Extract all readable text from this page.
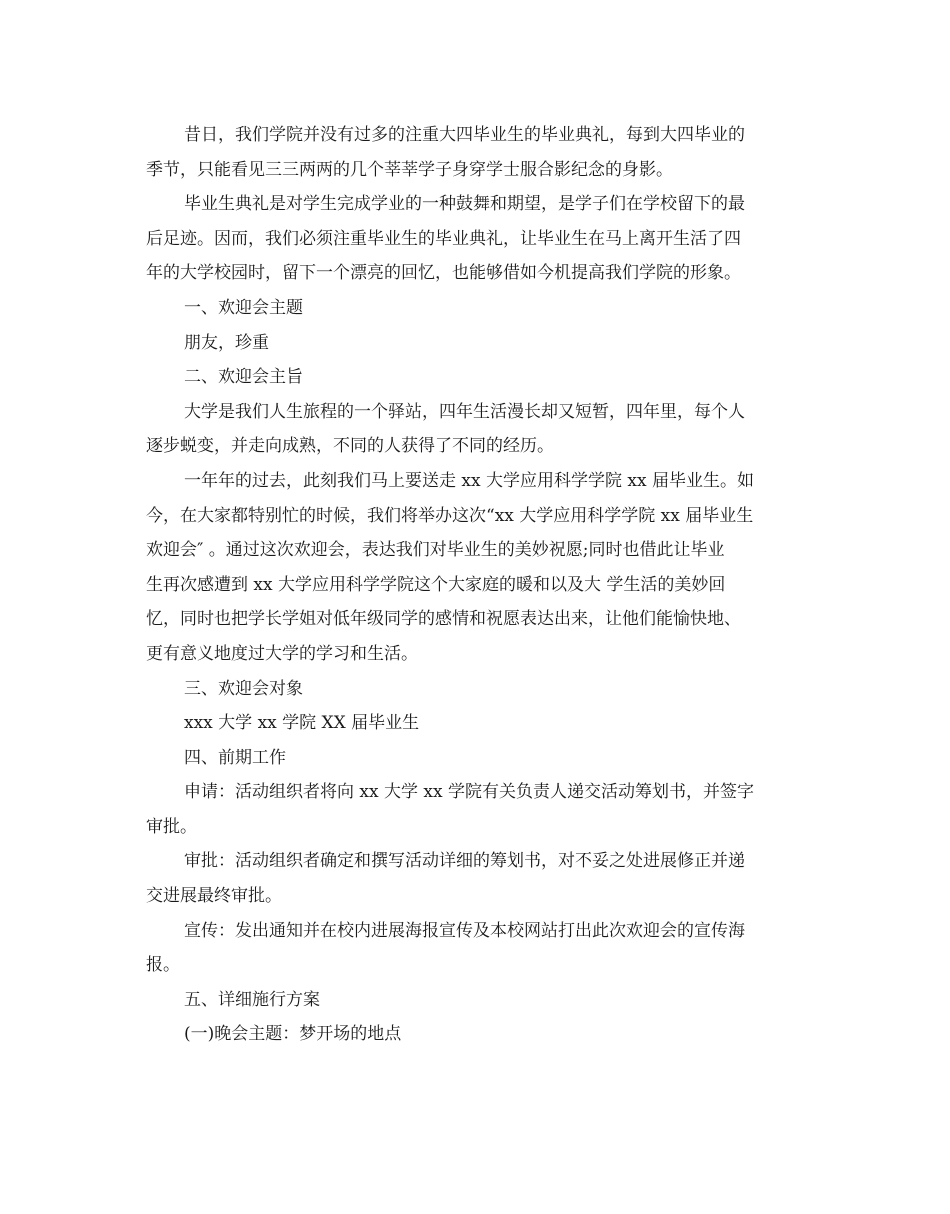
昔日，我们学院并没有过多的注重大四毕业生的毕业典礼，每到大四毕业的
季节，只能看见三三两两的几个莘莘学子身穿学士服合影纪念的身影。
毕业生典礼是对学生完成学业的一种鼓舞和期望，是学子们在学校留下的最
后足迹。因而，我们必须注重毕业生的毕业典礼，让毕业生在马上离开生活了四
年的大学校园时，留下一个漂亮的回忆，也能够借如今机提高我们学院的形象。
一、欢迎会主题
朋友，珍重
二、欢迎会主旨
大学是我们人生旅程的一个驿站，四年生活漫长却又短暂，四年里，每个人
逐步蜕变，并走向成熟，不同的人获得了不同的经历。
一年年的过去，此刻我们马上要送走 xx 大学应用科学学院 xx 届毕业生。如
今，在大家都特别忙的时候，我们将举办这次“xx 大学应用科学学院 xx 届毕业生
欢迎会″ 。通过这次欢迎会，表达我们对毕业生的美妙祝愿;同时也借此让毕业
生再次感遭到 xx 大学应用科学学院这个大家庭的暖和以及大 学生活的美妙回
忆，同时也把学长学姐对低年级同学的感情和祝愿表达出来，让他们能愉快地、
更有意义地度过大学的学习和生活。
三、欢迎会对象
xxx 大学 xx 学院 XX 届毕业生
四、前期工作
申请：活动组织者将向 xx 大学 xx 学院有关负责人递交活动筹划书，并签字
审批。
审批：活动组织者确定和撰写活动详细的筹划书，对不妥之处进展修正并递
交进展最终审批。
宣传：发出通知并在校内进展海报宣传及本校网站打出此次欢迎会的宣传海
报。
五、详细施行方案
(一)晚会主题：梦开场的地点
